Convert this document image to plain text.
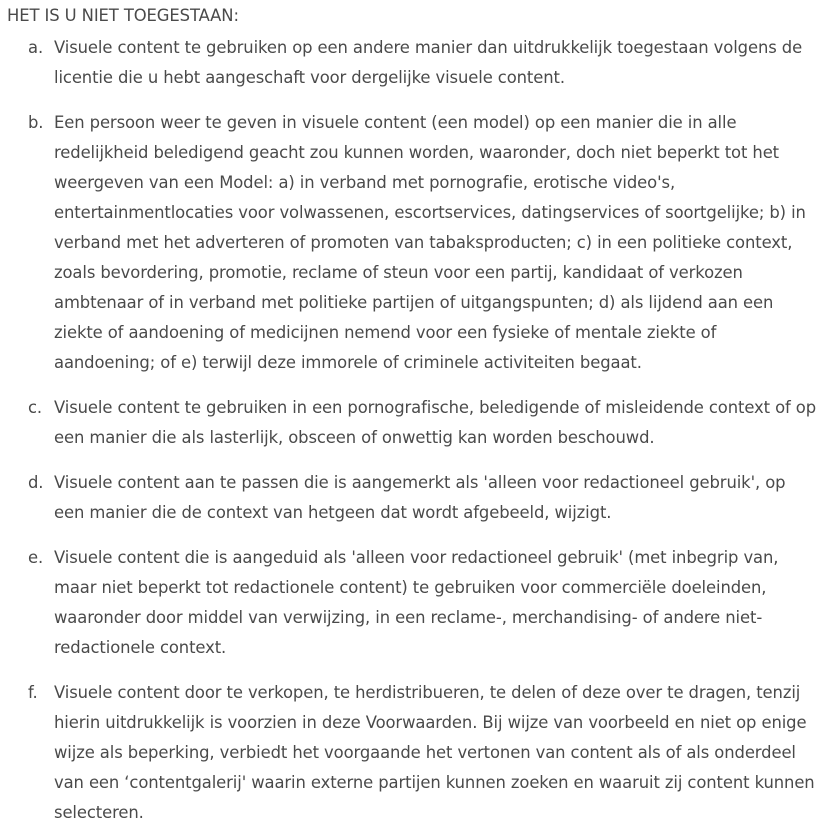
HET IS U NIET TOEGESTAAN:
a. Visuele content te gebruiken op een andere manier dan uitdrukkelijk toegestaan volgens de licentie die u hebt aangeschaft voor dergelijke visuele content.
b. Een persoon weer te geven in visuele content (een model) op een manier die in alle redelijkheid beledigend geacht zou kunnen worden, waaronder, doch niet beperkt tot het weergeven van een Model: a) in verband met pornografie, erotische video's, entertainmentlocaties voor volwassenen, escortservices, datingservices of soortgelijke; b) in verband met het adverteren of promoten van tabaksproducten; c) in een politieke context, zoals bevordering, promotie, reclame of steun voor een partij, kandidaat of verkozen ambtenaar of in verband met politieke partijen of uitgangspunten; d) als lijdend aan een ziekte of aandoening of medicijnen nemend voor een fysieke of mentale ziekte of aandoening; of e) terwijl deze immorele of criminele activiteiten begaat.
c. Visuele content te gebruiken in een pornografische, beledigende of misleidende context of op een manier die als lasterlijk, obsceen of onwettig kan worden beschouwd.
d. Visuele content aan te passen die is aangemerkt als 'alleen voor redactioneel gebruik', op een manier die de context van hetgeen dat wordt afgebeeld, wijzigt.
e. Visuele content die is aangeduid als 'alleen voor redactioneel gebruik' (met inbegrip van, maar niet beperkt tot redactionele content) te gebruiken voor commerciële doeleinden, waaronder door middel van verwijzing, in een reclame-, merchandising- of andere niet-redactionele context.
f. Visuele content door te verkopen, te herdistribueren, te delen of deze over te dragen, tenzij hierin uitdrukkelijk is voorzien in deze Voorwaarden. Bij wijze van voorbeeld en niet op enige wijze als beperking, verbiedt het voorgaande het vertonen van content als of als onderdeel van een ‘contentgalerij' waarin externe partijen kunnen zoeken en waaruit zij content kunnen selecteren.
